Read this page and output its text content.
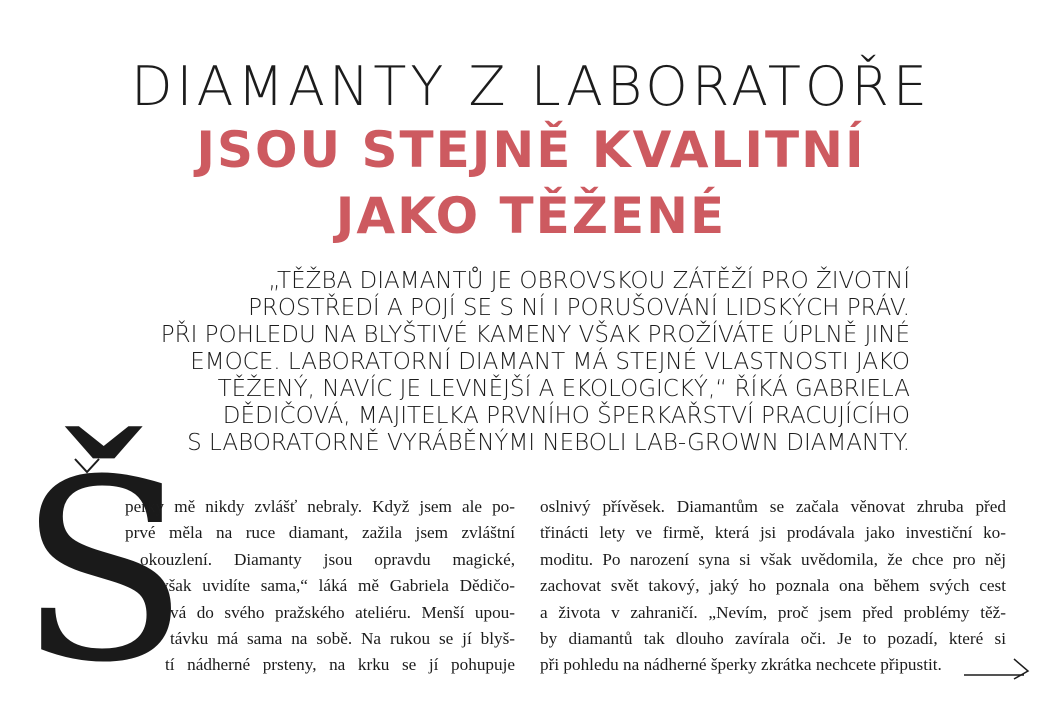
DIAMANTY Z LABORATOŘE
JSOU STEJNĚ KVALITNÍ
JAKO TĚŽENÉ
„TĚŽBA DIAMANTŮ JE OBROVSKOU ZÁTĚŽÍ PRO ŽIVOTNÍ
PROSTŘEDÍ A POJÍ SE S NÍ I PORUŠOVÁNÍ LIDSKÝCH PRÁV.
PŘI POHLEDU NA BLYŠTIVÉ KAMENY VŠAK PROŽÍVÁTE ÚPLNĚ JINÉ
EMOCE. LABORATORNÍ DIAMANT MÁ STEJNÉ VLASTNOSTI JAKO
TĚŽENÝ, NAVÍC JE LEVNĚJŠÍ A EKOLOGICKÝ,“ ŘÍKÁ GABRIELA
DĚDIČOVÁ, MAJITELKA PRVNÍHO ŠPERKAŘSTVÍ PRACUJÍCÍHO
S LABORATORNĚ VYRÁBĚNÝMI NEBOLI LAB-GROWN DIAMANTY.
Š
perky mě nikdy zvlášť nebraly. Když jsem ale po-
prvé měla na ruce diamant, zažila jsem zvláštní
okouzlení. Diamanty jsou opravdu magické,
však uvidíte sama,“ láká mě Gabriela Dědičo-
vá do svého pražského ateliéru. Menší upou-
távku má sama na sobě. Na rukou se jí blyš-
tí nádherné prsteny, na krku se jí pohupuje
oslnivý přívěsek. Diamantům se začala věnovat zhruba před
třinácti lety ve firmě, která jsi prodávala jako investiční ko-
moditu. Po narození syna si však uvědomila, že chce pro něj
zachovat svět takový, jaký ho poznala ona během svých cest
a života v zahraničí. „Nevím, proč jsem před problémy těž-
by diamantů tak dlouho zavírala oči. Je to pozadí, které si
při pohledu na nádherné šperky zkrátka nechcete připustit.
